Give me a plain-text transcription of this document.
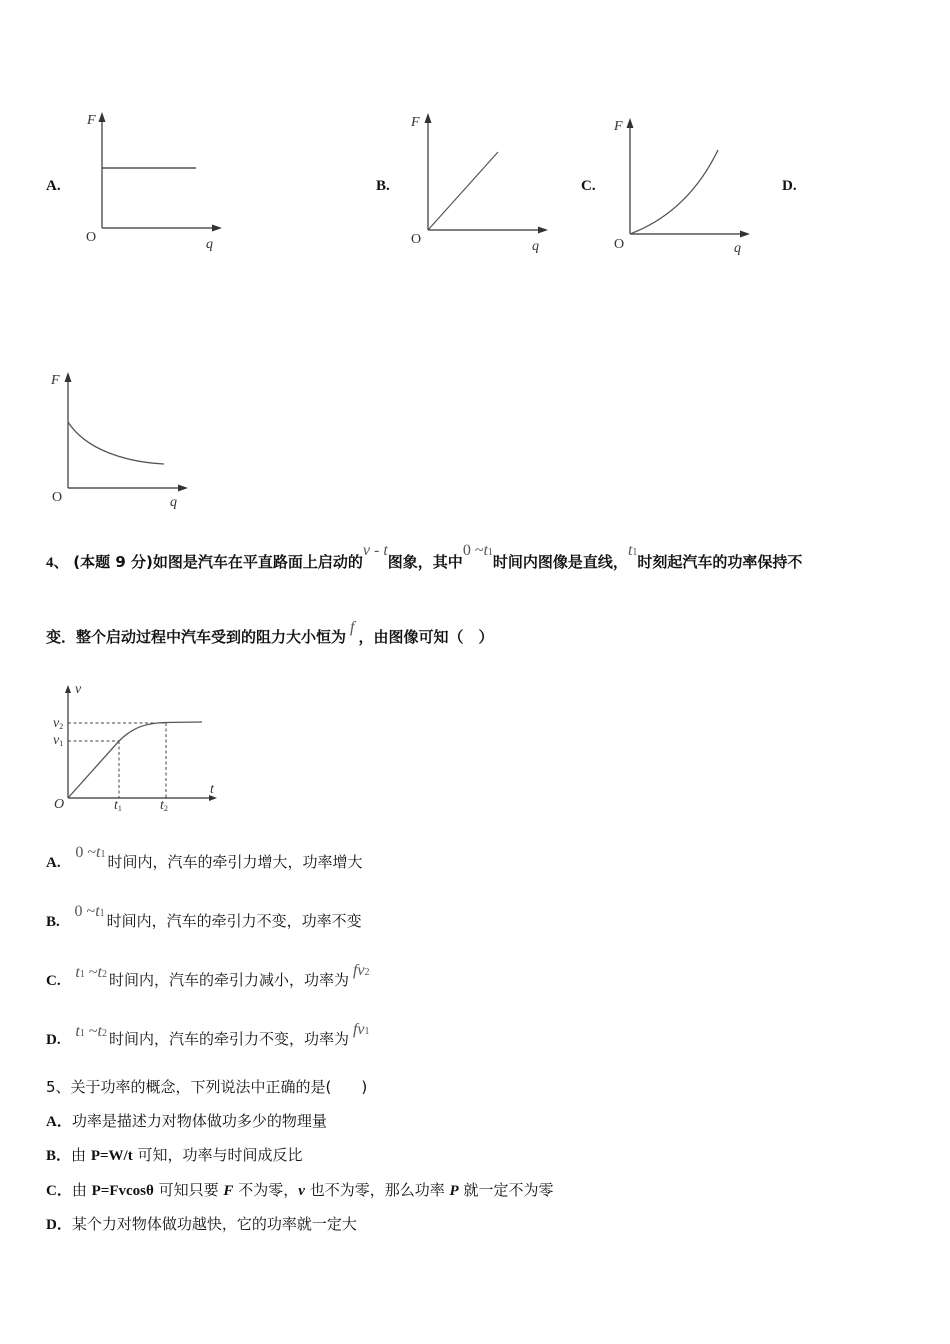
A.
F
O	q
B.
F
O	q
C.
F
O	q
D.
F
O	q
4、 (本题 9 分)如图是汽车在平直路面上启动的v - t图象，其中0 ~t1时间内图像是直线，t1时刻起汽车的功率保持不
变．整个启动过程中汽车受到的阻力大小恒为f，由图像可知（　）
v
t
O
v2
v1
t1	t2
A. 0 ~t1 时间内，汽车的牵引力增大，功率增大
B. 0 ~t1 时间内，汽车的牵引力不变，功率不变
C. t1 ~t2 时间内，汽车的牵引力减小，功率为fv2
D. t1 ~t2 时间内，汽车的牵引力不变，功率为fv1
5、关于功率的概念，下列说法中正确的是(　　)
A．功率是描述力对物体做功多少的物理量
B．由 P=W/t 可知，功率与时间成反比
C．由 P=Fvcosθ 可知只要 F 不为零，v 也不为零，那么功率 P 就一定不为零
D．某个力对物体做功越快，它的功率就一定大
